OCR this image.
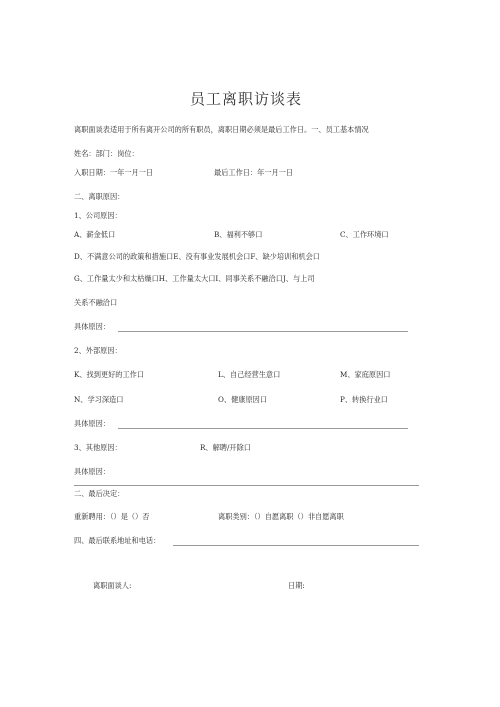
员工离职访谈表
离职面谈表适用于所有离开公司的所有职员，离职日期必须是最后工作日。一、员工基本情况
姓名：部门：岗位：
入职日期：一年一月一日	最后工作日：年一月一日
二、离职原因：
1、公司原因：
A、薪金低口	B、福利不够口	C、工作环境口
D、不满意公司的政策和措施口E、没有事业发展机会口F、缺少培训和机会口
G、工作量太少和太枯燥口H、工作量太大口I、同事关系不融洽口J、与上司
关系不融洽口
具体原因：
2、外部原因：
K、找到更好的工作口	L、自己经营生意口	M、家庭原因口
N、学习深造口	O、健康原因口	P、转换行业口
具体原因：
3、其他原因：	R、解聘/开除口
具体原因：
二、最后决定：
重新聘用：（）是（）否	离职类别：（）自愿离职（）非自愿离职
四、最后联系地址和电话：
离职面谈人:	日期:
